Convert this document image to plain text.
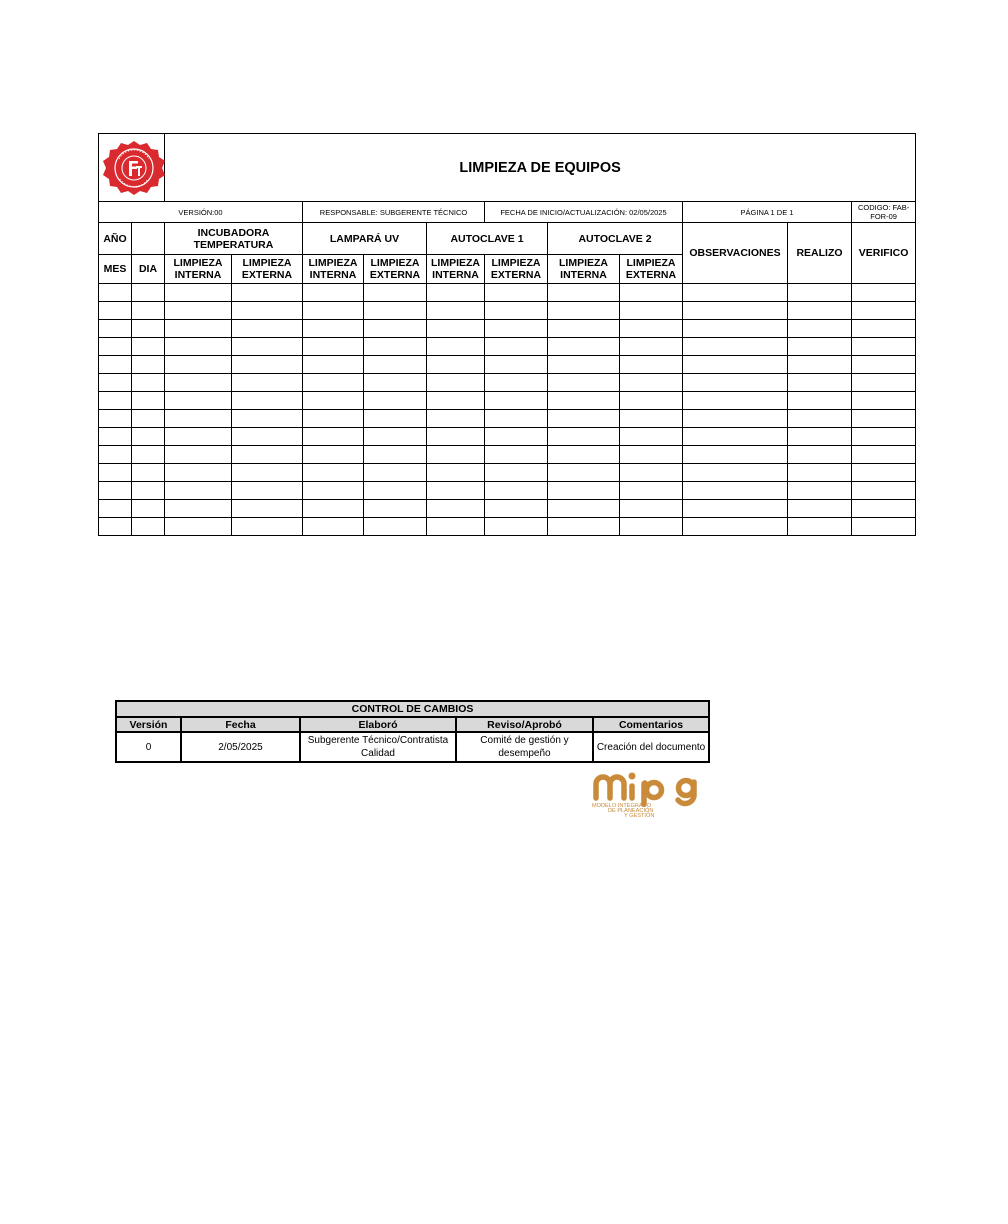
	LIMPIEZA DE EQUIPOS										
VERSIÓN:00				RESPONSABLE: SUBGERENTE TÉCNICO			FECHA DE INICIO/ACTUALIZACIÓN: 02/05/2025			PÁGINA 1 DE 1		CODIGO: FAB-FOR-09
AÑO		INCUBADORA TEMPERATURA		LAMPARÁ UV		AUTOCLAVE 1		AUTOCLAVE 2		OBSERVACIONES	REALIZO	VERIFICO
MES	DIA	LIMPIEZA INTERNA	LIMPIEZA EXTERNA	LIMPIEZA INTERNA	LIMPIEZA EXTERNA	LIMPIEZA INTERNA	LIMPIEZA EXTERNA	LIMPIEZA INTERNA	LIMPIEZA EXTERNA			

CONTROL DE CAMBIOS				
Versión	Fecha	Elaboró	Reviso/Aprobó	Comentarios
0	2/05/2025	Subgerente Técnico/Contratista Calidad	Comité de gestión y desempeño	Creación del documento
MODELO INTEGRADO
DE PLANEACIÓN
Y GESTIÓN
